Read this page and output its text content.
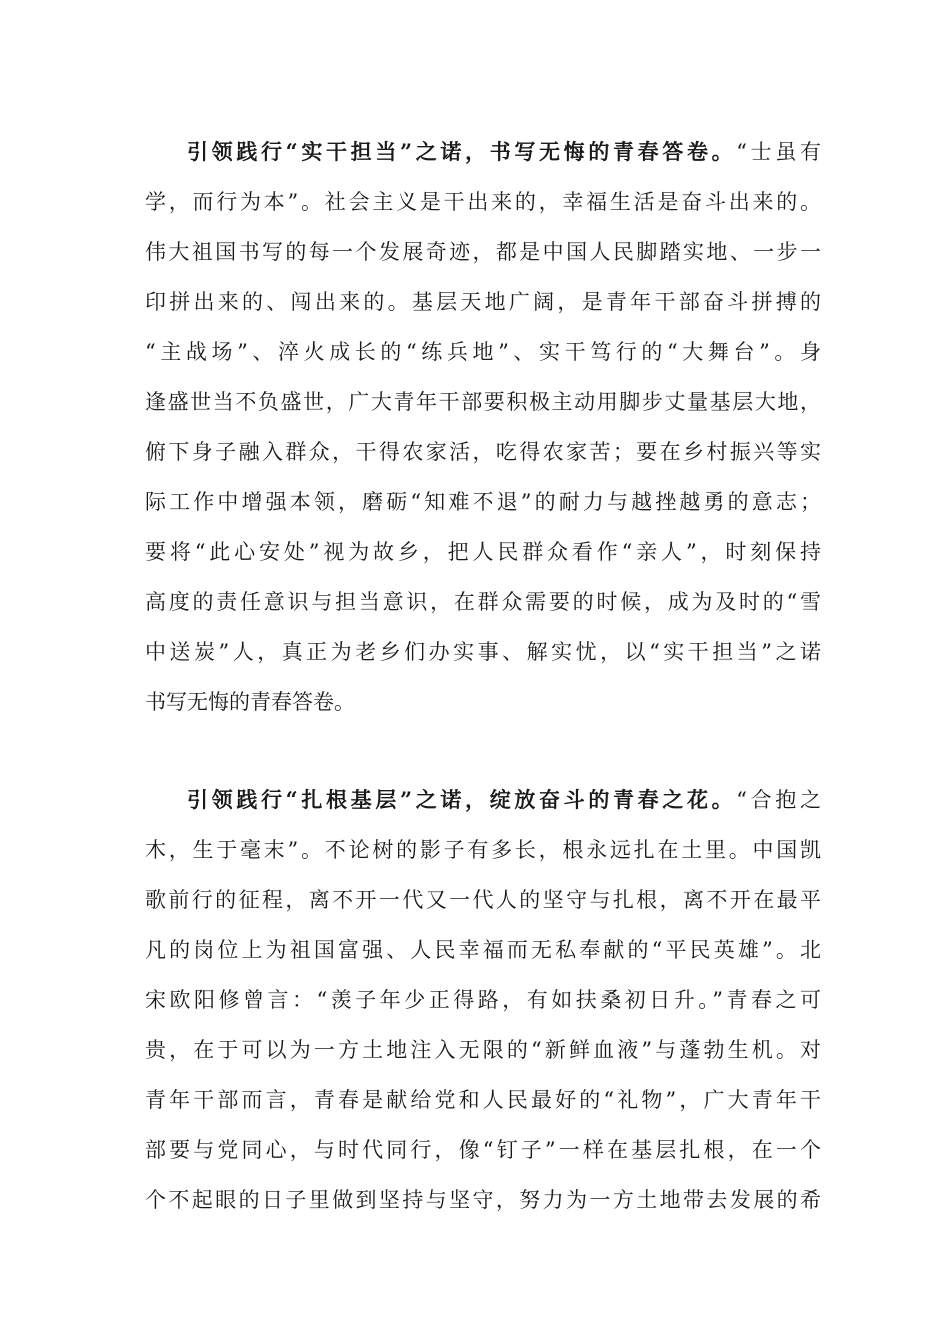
引领践行“实干担当”之诺，书写无悔的青春答卷。“士虽有
学，而行为本”。社会主义是干出来的，幸福生活是奋斗出来的。
伟大祖国书写的每一个发展奇迹，都是中国人民脚踏实地、一步一
印拼出来的、闯出来的。基层天地广阔，是青年干部奋斗拼搏的
“主战场”、淬火成长的“练兵地”、实干笃行的“大舞台”。身
逢盛世当不负盛世，广大青年干部要积极主动用脚步丈量基层大地，
俯下身子融入群众，干得农家活，吃得农家苦；要在乡村振兴等实
际工作中增强本领，磨砺“知难不退”的耐力与越挫越勇的意志；
要将“此心安处”视为故乡，把人民群众看作“亲人”，时刻保持
高度的责任意识与担当意识，在群众需要的时候，成为及时的“雪
中送炭”人，真正为老乡们办实事、解实忧，以“实干担当”之诺
书写无悔的青春答卷。
引领践行“扎根基层”之诺，绽放奋斗的青春之花。“合抱之
木，生于毫末”。不论树的影子有多长，根永远扎在土里。中国凯
歌前行的征程，离不开一代又一代人的坚守与扎根，离不开在最平
凡的岗位上为祖国富强、人民幸福而无私奉献的“平民英雄”。北
宋欧阳修曾言：“羡子年少正得路，有如扶桑初日升。”青春之可
贵，在于可以为一方土地注入无限的“新鲜血液”与蓬勃生机。对
青年干部而言，青春是献给党和人民最好的“礼物”，广大青年干
部要与党同心，与时代同行，像“钉子”一样在基层扎根，在一个
个不起眼的日子里做到坚持与坚守，努力为一方土地带去发展的希
